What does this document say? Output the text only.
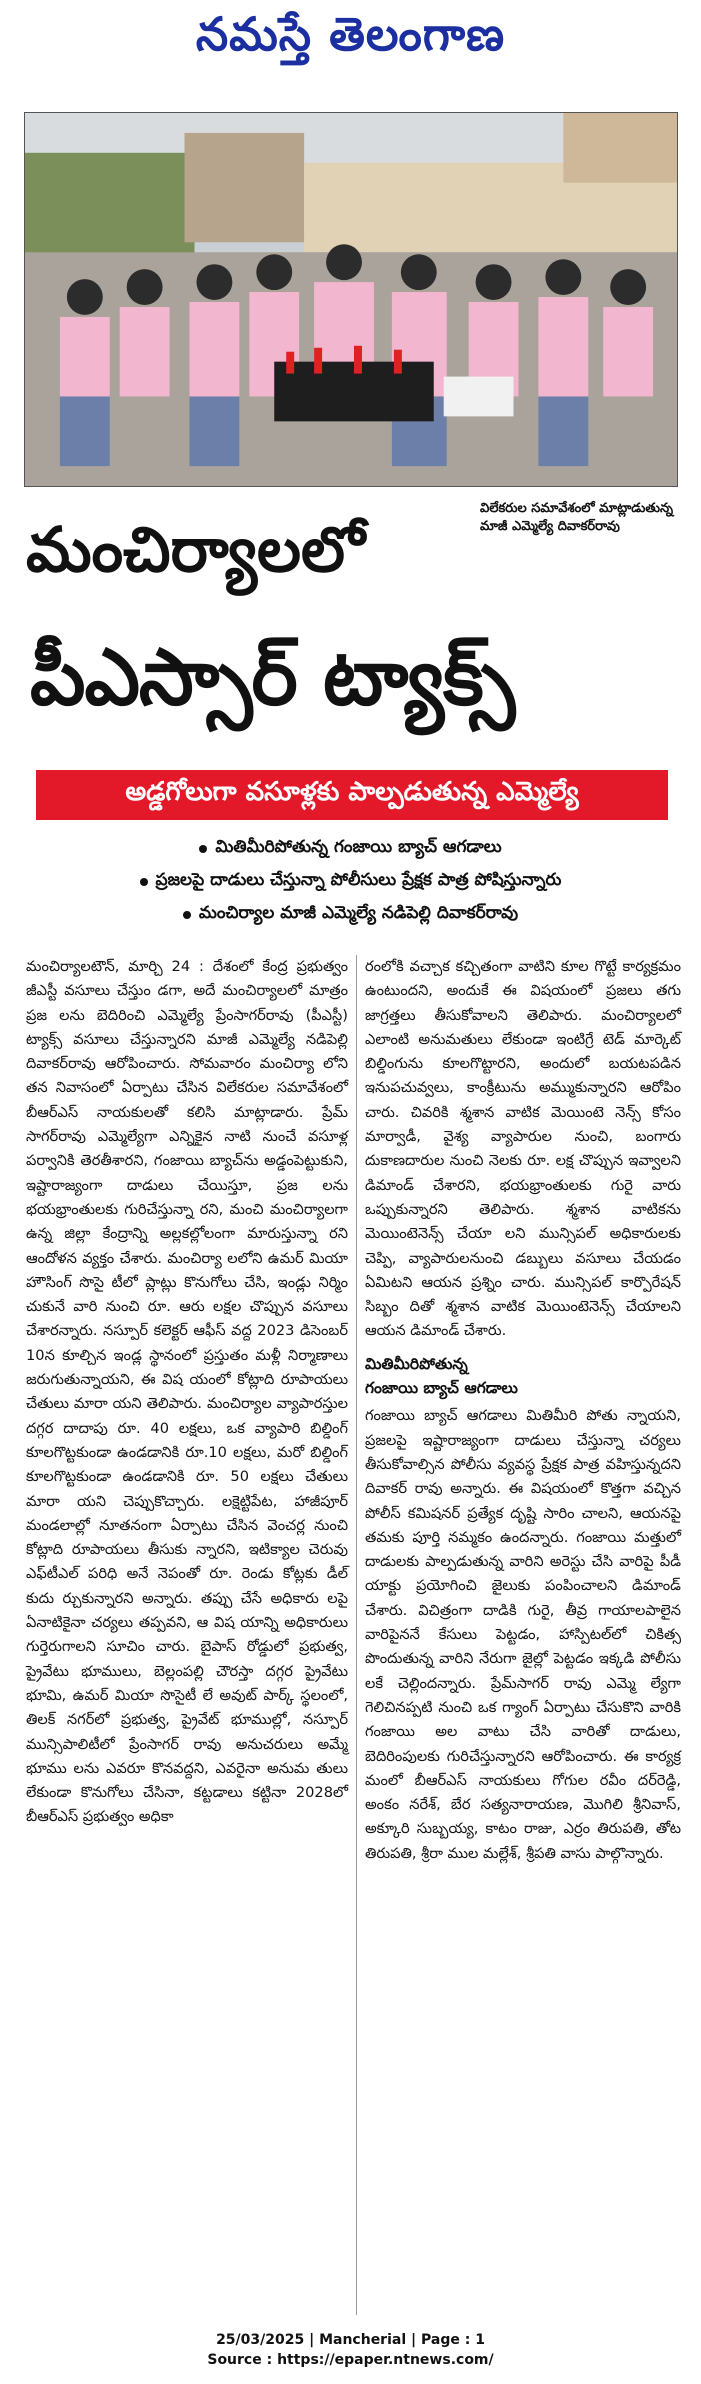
నమస్తే తెలంగాణ
విలేకరుల సమావేశంలో మాట్లాడుతున్న మాజీ ఎమ్మెల్యే దివాకర్‌రావు
మంచిర్యాలలో
పీఎస్సార్ ట్యాక్స్
అడ్డగోలుగా వసూళ్లకు పాల్పడుతున్న ఎమ్మెల్యే
మితిమీరిపోతున్న గంజాయి బ్యాచ్ ఆగడాలు
ప్రజలపై దాడులు చేస్తున్నా పోలీసులు ప్రేక్షక పాత్ర పోషిస్తున్నారు
మంచిర్యాల మాజీ ఎమ్మెల్యే నడిపెల్లి దివాకర్‌రావు

మంచిర్యాలటౌన్, మార్చి 24 : దేశంలో కేంద్ర ప్రభుత్వం జీఎస్టీ వసూలు చేస్తుం డగా, అదే మంచిర్యాలలో మాత్రం ప్రజ లను బెదిరించి ఎమ్మెల్యే ప్రేంసాగర్‌రావు (పీఎస్టీ) ట్యాక్స్ వసూలు చేస్తున్నారని మాజీ ఎమ్మెల్యే నడిపెల్లి దివాకర్‌రావు ఆరోపించారు. సోమవారం మంచిర్యా లోని తన నివాసంలో ఏర్పాటు చేసిన విలేకరుల సమావేశంలో బీఆర్ఎస్ నాయకులతో కలిసి మాట్లాడారు. ప్రేమ్ సాగర్‌రావు ఎమ్మెల్యేగా ఎన్నికైన నాటి నుంచే వసూళ్ల పర్వానికి తెరతీశారని, గంజాయి బ్యాచ్‌ను అడ్డంపెట్టుకుని, ఇష్టారాజ్యంగా దాడులు చేయిస్తూ, ప్రజ లను భయభ్రాంతులకు గురిచేస్తున్నా రని, మంచి మంచిర్యాలగా ఉన్న జిల్లా కేంద్రాన్ని అల్లకల్లోలంగా మారుస్తున్నా రని ఆందోళన వ్యక్తం చేశారు. మంచిర్యా లలోని ఉమర్ మియా హౌసింగ్ సొసై టీలో ప్లాట్లు కొనుగోలు చేసి, ఇండ్లు నిర్మిం చుకునే వారి నుంచి రూ. ఆరు లక్షల చొప్పున వసూలు చేశారన్నారు. నస్పూర్ కలెక్టర్ ఆఫీస్ వద్ద 2023 డిసెంబర్ 10న కూల్చిన ఇండ్ల స్థానంలో ప్రస్తుతం మళ్లీ నిర్మాణాలు జరుగుతున్నాయని, ఈ విష యంలో కోట్లాది రూపాయలు చేతులు మారా యని తెలిపారు. మంచిర్యాల వ్యాపారస్తుల దగ్గర దాదాపు రూ. 40 లక్షలు, ఒక వ్యాపారి బిల్డింగ్ కూలగొట్టకుండా ఉండడానికి రూ.10 లక్షలు, మరో బిల్డింగ్ కూలగొట్టకుండా ఉండడానికి రూ. 50 లక్షలు చేతులు మారా యని చెప్పుకొచ్చారు. లక్షెట్టిపేట, హాజీపూర్ మండలాల్లో నూతనంగా ఏర్పాటు చేసిన వెంచర్ల నుంచి కోట్లాది రూపాయలు తీసుకు న్నారని, ఇటిక్యాల చెరువు ఎఫ్‌టీఎల్ పరిధి అనే నెపంతో రూ. రెండు కోట్లకు డీల్ కుదు ర్చుకున్నారని అన్నారు. తప్పు చేసే అధికారు లపై ఏనాటికైనా చర్యలు తప్పవని, ఆ విష యాన్ని అధికారులు గుర్తెరుగాలని సూచిం చారు. బైపాస్ రోడ్డులో ప్రభుత్వ, ప్రైవేటు భూములు, బెల్లంపల్లి చౌరస్తా దగ్గర ప్రైవేటు భూమి, ఉమర్ మియా సొసైటీ లే అవుట్ పార్క్ స్థలంలో, తిలక్ నగర్‌లో ప్రభుత్వ, ప్రైవేట్ భూముల్లో, నస్పూర్ మున్సిపాలిటీలో ప్రేంసాగర్ రావు అనుచరులు అమ్మే భూము లను ఎవరూ కొనవద్దని, ఎవరైనా అనుమ తులు లేకుండా కొనుగోలు చేసినా, కట్టడాలు కట్టినా 2028లో బీఆర్ఎస్ ప్రభుత్వం అధికా

రంలోకి వచ్చాక కచ్చితంగా వాటిని కూల గొట్టే కార్యక్రమం ఉంటుందని, అందుకే ఈ విషయంలో ప్రజలు తగు జాగ్రత్తలు తీసుకోవాలని తెలిపారు. మంచిర్యాలలో ఎలాంటి అనుమతులు లేకుండా ఇంటిగ్రే టెడ్ మార్కెట్ బిల్డింగును కూలగొట్టారని, అందులో బయటపడిన ఇనుపచువ్వలు, కాంక్రీటును అమ్ముకున్నారని ఆరోపిం చారు. చివరికి శ్మశాన వాటిక మెయింటె నెన్స్ కోసం మార్వాడీ, వైశ్య వ్యాపారుల నుంచి, బంగారు దుకాణదారుల నుంచి నెలకు రూ. లక్ష చొప్పున ఇవ్వాలని డిమాండ్ చేశారని, భయభ్రాంతులకు గురై వారు ఒప్పుకున్నారని తెలిపారు. శ్మశాన వాటికను మెయింటెనెన్స్ చేయా లని మున్సిపల్ అధికారులకు చెప్పి, వ్యాపారులనుంచి డబ్బులు వసూలు చేయడం ఏమిటని ఆయన ప్రశ్నిం చారు. మున్సిపల్ కార్పొరేషన్ సిబ్బం దితో శ్మశాన వాటిక మెయింటెనెన్స్ చేయాలని ఆయన డిమాండ్ చేశారు.

మితిమీరిపోతున్న
గంజాయి బ్యాచ్ ఆగడాలు

గంజాయి బ్యాచ్ ఆగడాలు మితిమీరి పోతు న్నాయని, ప్రజలపై ఇష్టారాజ్యంగా దాడులు చేస్తున్నా చర్యలు తీసుకోవాల్సిన పోలీసు వ్యవస్థ ప్రేక్షక పాత్ర వహిస్తున్నదని దివాకర్ రావు అన్నారు. ఈ విషయంలో కొత్తగా వచ్చిన పోలీస్ కమిషనర్ ప్రత్యేక దృష్టి సారిం చాలని, ఆయనపై తమకు పూర్తి నమ్మకం ఉందన్నారు. గంజాయి మత్తులో దాడులకు పాల్పడుతున్న వారిని అరెస్టు చేసి వారిపై పీడీ యాక్టు ప్రయోగించి జైలుకు పంపించాలని డిమాండ్ చేశారు. విచిత్రంగా దాడికి గురై, తీవ్ర గాయాలపాలైన వారిపైననే కేసులు పెట్టడం, హాస్పిటల్‌లో చికిత్స పొందుతున్న వారిని నేరుగా జైల్లో పెట్టడం ఇక్కడి పోలీసు లకే చెల్లిందన్నారు. ప్రేమ్‌సాగర్ రావు ఎమ్మె ల్యేగా గెలిచినప్పటి నుంచి ఒక గ్యాంగ్ ఏర్పాటు చేసుకొని వారికి గంజాయి అల వాటు చేసి వారితో దాడులు, బెదిరింపులకు గురిచేస్తున్నారని ఆరోపించారు. ఈ కార్యక్ర మంలో బీఆర్ఎస్ నాయకులు గోగుల రవీం దర్‌రెడ్డి, అంకం నరేశ్, బేర సత్యనారాయణ, మొగిలి శ్రీనివాస్, అక్కూరి సుబ్బయ్య, కాటం రాజు, ఎర్రం తిరుపతి, తోట తిరుపతి, శ్రీరా ముల మల్లేశ్, శ్రీపతి వాసు పాల్గొన్నారు.

25/03/2025 | Mancherial | Page : 1
Source : https://epaper.ntnews.com/
